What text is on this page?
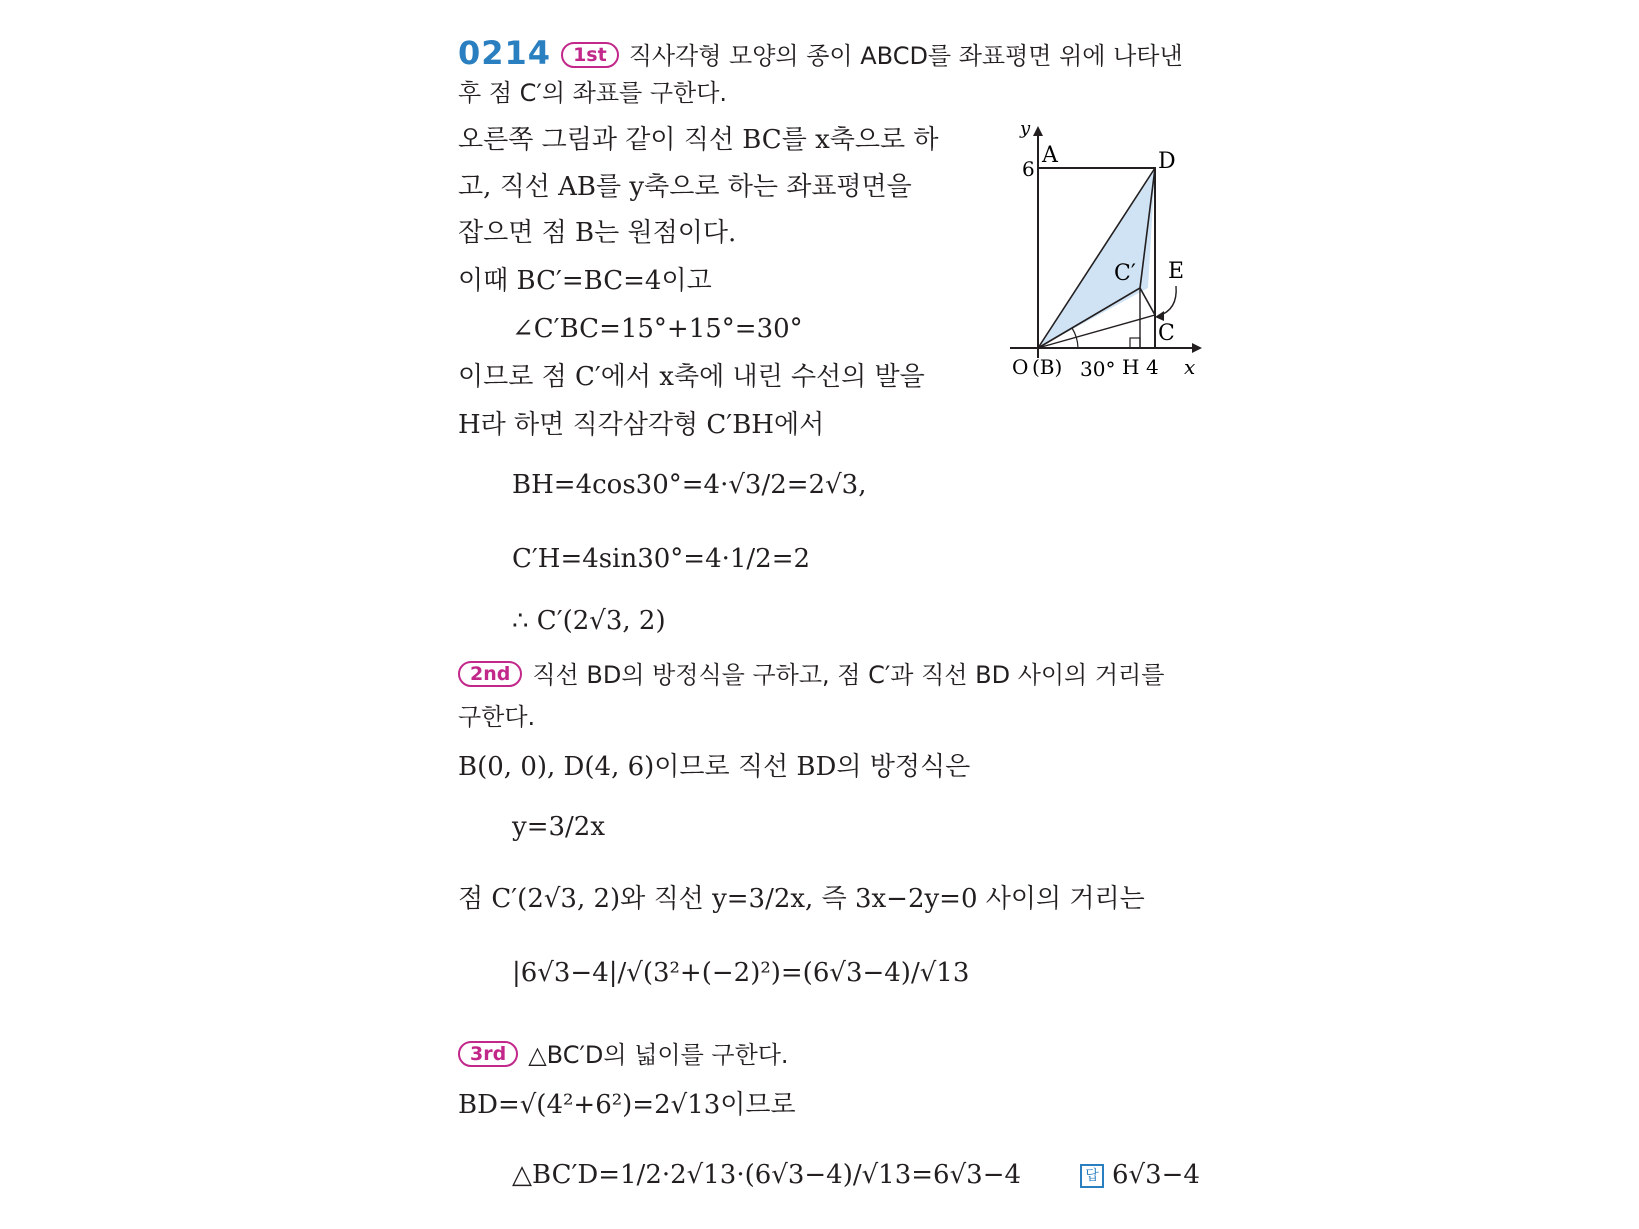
0214 1st 직사각형 모양의 종이 ABCD를 좌표평면 위에 나타낸
후 점 C′의 좌표를 구한다.
오른쪽 그림과 같이 직선 BC를 x축으로 하
고, 직선 AB를 y축으로 하는 좌표평면을
잡으면 점 B는 원점이다.
이때 BC′=BC=4이고
∠C′BC=15°+15°=30°
이므로 점 C′에서 x축에 내린 수선의 발을
H라 하면 직각삼각형 C′BH에서
BH=4cos30°=4·√3/2=2√3,
C′H=4sin30°=4·1/2=2
∴ C′(2√3, 2)
2nd 직선 BD의 방정식을 구하고, 점 C′과 직선 BD 사이의 거리를
구한다.
B(0, 0), D(4, 6)이므로 직선 BD의 방정식은
y=3/2x
점 C′(2√3, 2)와 직선 y=3/2x, 즉 3x−2y=0 사이의 거리는
|6√3−4|/√(3²+(−2)²)=(6√3−4)/√13
3rd △BC′D의 넓이를 구한다.
BD=√(4²+6²)=2√13이므로
△BC′D=1/2·2√13·(6√3−4)/√13=6√3−4	답 6√3−4
y
6
A	D
C′ E
C
O (B) 30° H 4 x
